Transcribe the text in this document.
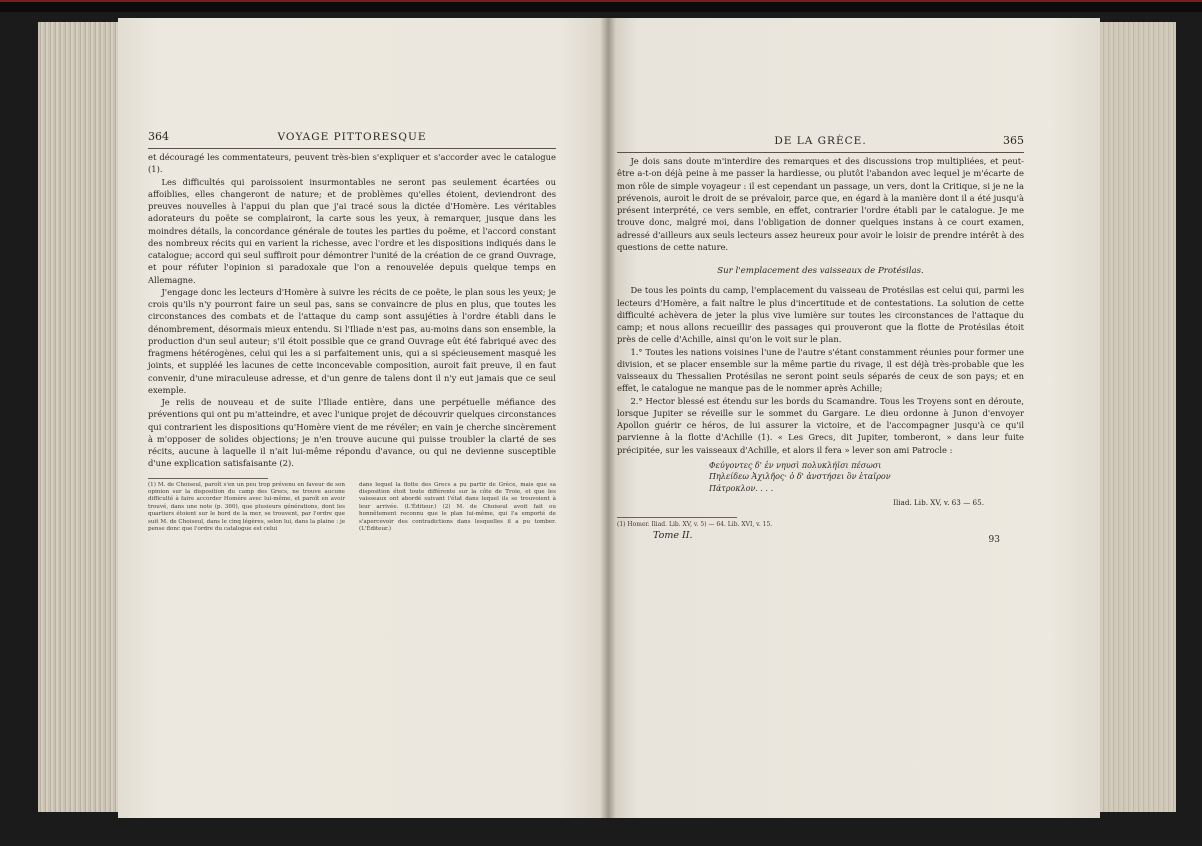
364	VOYAGE PITTORESQUE

et découragé les commentateurs, peuvent très-bien s'expliquer et s'accorder avec le catalogue (1).

Les difficultés qui paroissoient insurmontables ne seront pas seulement écartées ou affoiblies, elles changeront de nature; et de problèmes qu'elles étoient, deviendront des preuves nouvelles à l'appui du plan que j'ai tracé sous la dictée d'Homère. Les véritables adorateurs du poëte se complairont, la carte sous les yeux, à remarquer, jusque dans les moindres détails, la concordance générale de toutes les parties du poëme, et l'accord constant des nombreux récits qui en varient la richesse, avec l'ordre et les dispositions indiqués dans le catalogue; accord qui seul suffiroit pour démontrer l'unité de la création de ce grand Ouvrage, et pour réfuter l'opinion si paradoxale que l'on a renouvelée depuis quelque temps en Allemagne.

J'engage donc les lecteurs d'Homère à suivre les récits de ce poëte, le plan sous les yeux; je crois qu'ils n'y pourront faire un seul pas, sans se convaincre de plus en plus, que toutes les circonstances des combats et de l'attaque du camp sont assujéties à l'ordre établi dans le dénombrement, désormais mieux entendu. Si l'Iliade n'est pas, au-moins dans son ensemble, la production d'un seul auteur; s'il étoit possible que ce grand Ouvrage eût été fabriqué avec des fragmens hétérogènes, celui qui les a si parfaitement unis, qui a si spécieusement masqué les joints, et suppléé les lacunes de cette inconcevable composition, auroit fait preuve, il en faut convenir, d'une miraculeuse adresse, et d'un genre de talens dont il n'y eut jamais que ce seul exemple.

Je relis de nouveau et de suite l'Iliade entière, dans une perpétuelle méfiance des préventions qui ont pu m'atteindre, et avec l'unique projet de découvrir quelques circonstances qui contrarient les dispositions qu'Homère vient de me révéler; en vain je cherche sincèrement à m'opposer de solides objections; je n'en trouve aucune qui puisse troubler la clarté de ses récits, aucune à laquelle il n'ait lui-même répondu d'avance, ou qui ne devienne susceptible d'une explication satisfaisante (2).

(1) M. de Choiseul, paroît s'en un peu trop prévenu en faveur de son opinion sur la disposition du camp des Grecs, ne trouve aucune difficulté à faire accorder Homère avec lui-même, et paroît en avoir trouvé, dans une note (p. 360), que plusieurs générations, dont les quartiers étoient sur le bord de la mer, se trouvent, par l'ordre que suit M. de Choiseul, dans le cinq légères, selon lui, dans la plaine : je pense donc que l'ordre du catalogue est celui
dans lequel la flotte des Grecs a pu partir de Grèce, mais que sa disposition étoit toute différente sur la côte de Troie, et que les vaisseaux ont abordé suivant l'état dans lequel ils se trouvoient à leur arrivée. (L'Éditeur.) (2) M. de Choiseul avoit fait ou honnêtement reconnu que le plan lui-même, qui l'a emporté de s'apercevoir des contradictions dans lesquelles il a pu tomber. (L'Éditeur.)
DE LA GRÈCE.	365

Je dois sans doute m'interdire des remarques et des discussions trop multipliées, et peut-être a-t-on déjà peine à me passer la hardiesse, ou plutôt l'abandon avec lequel je m'écarte de mon rôle de simple voyageur : il est cependant un passage, un vers, dont la Critique, si je ne la prévenois, auroit le droit de se prévaloir, parce que, en égard à la manière dont il a été jusqu'à présent interprété, ce vers semble, en effet, contrarier l'ordre établi par le catalogue. Je me trouve donc, malgré moi, dans l'obligation de donner quelques instans à ce court examen, adressé d'ailleurs aux seuls lecteurs assez heureux pour avoir le loisir de prendre intérêt à des questions de cette nature.

Sur l'emplacement des vaisseaux de Protésilas.

De tous les points du camp, l'emplacement du vaisseau de Protésilas est celui qui, parmi les lecteurs d'Homère, a fait naître le plus d'incertitude et de contestations. La solution de cette difficulté achèvera de jeter la plus vive lumière sur toutes les circonstances de l'attaque du camp; et nous allons recueillir des passages qui prouveront que la flotte de Protésilas étoit près de celle d'Achille, ainsi qu'on le voit sur le plan.

1.° Toutes les nations voisines l'une de l'autre s'étant constamment réunies pour former une division, et se placer ensemble sur la même partie du rivage, il est déjà très-probable que les vaisseaux du Thessalien Protésilas ne seront point seuls séparés de ceux de son pays; et en effet, le catalogue ne manque pas de le nommer après Achille;

2.° Hector blessé est étendu sur les bords du Scamandre. Tous les Troyens sont en déroute, lorsque Jupiter se réveille sur le sommet du Gargare. Le dieu ordonne à Junon d'envoyer Apollon guérir ce héros, de lui assurer la victoire, et de l'accompagner jusqu'à ce qu'il parvienne à la flotte d'Achille (1). « Les Grecs, dit Jupiter, tomberont, » dans leur fuite précipitée, sur les vaisseaux d'Achille, et alors il fera » lever son ami Patrocle :

Φεύγοντες δ' ἐν νηυσὶ πολυκλήϊσι πέσωσι
Πηλείδεω Ἀχιλῆος· ὁ δ' ἀνστήσει ὃν ἑταῖρον
Πάτροκλον. . . .
Iliad. Lib. XV, v. 63 — 65.
(1) Homer. Iliad. Lib. XV, v. 5) — 64. Lib. XVI, v. 15.
Tome II.	93
